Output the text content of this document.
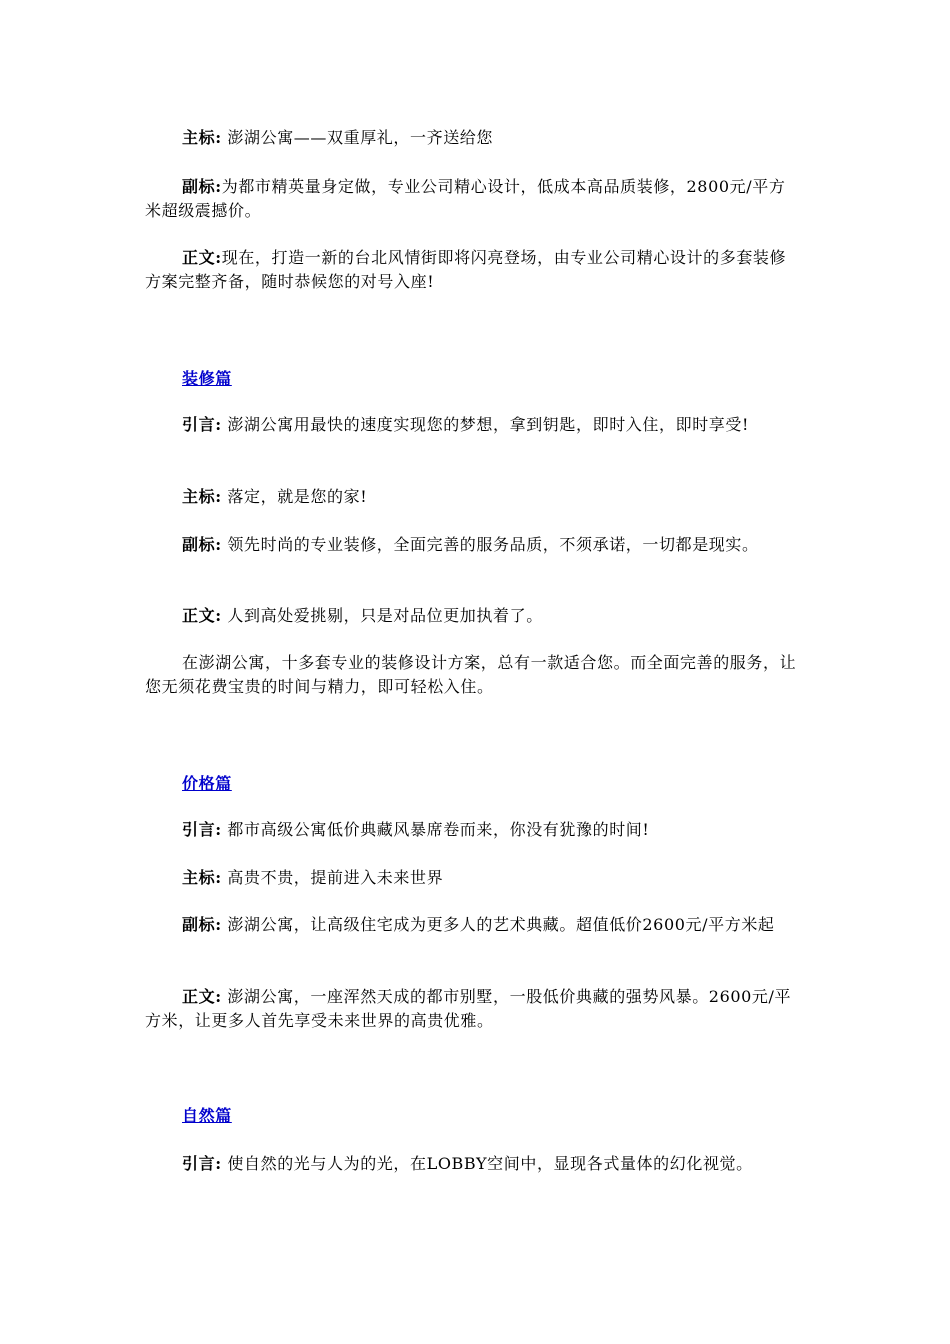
主标: 澎湖公寓——双重厚礼，一齐送给您

副标:为都市精英量身定做，专业公司精心设计，低成本高品质装修，2800元/平方米超级震撼价。

正文:现在，打造一新的台北风情街即将闪亮登场，由专业公司精心设计的多套装修方案完整齐备，随时恭候您的对号入座!

装修篇

引言: 澎湖公寓用最快的速度实现您的梦想，拿到钥匙，即时入住，即时享受!

主标: 落定，就是您的家!

副标: 领先时尚的专业装修，全面完善的服务品质，不须承诺，一切都是现实。

正文: 人到高处爱挑剔，只是对品位更加执着了。

在澎湖公寓，十多套专业的装修设计方案，总有一款适合您。而全面完善的服务，让您无须花费宝贵的时间与精力，即可轻松入住。

价格篇

引言: 都市高级公寓低价典藏风暴席卷而来，你没有犹豫的时间!

主标: 高贵不贵，提前进入未来世界

副标: 澎湖公寓，让高级住宅成为更多人的艺术典藏。超值低价2600元/平方米起

正文: 澎湖公寓，一座浑然天成的都市别墅，一股低价典藏的强势风暴。2600元/平方米，让更多人首先享受未来世界的高贵优雅。

自然篇

引言: 使自然的光与人为的光，在LOBBY空间中，显现各式量体的幻化视觉。
